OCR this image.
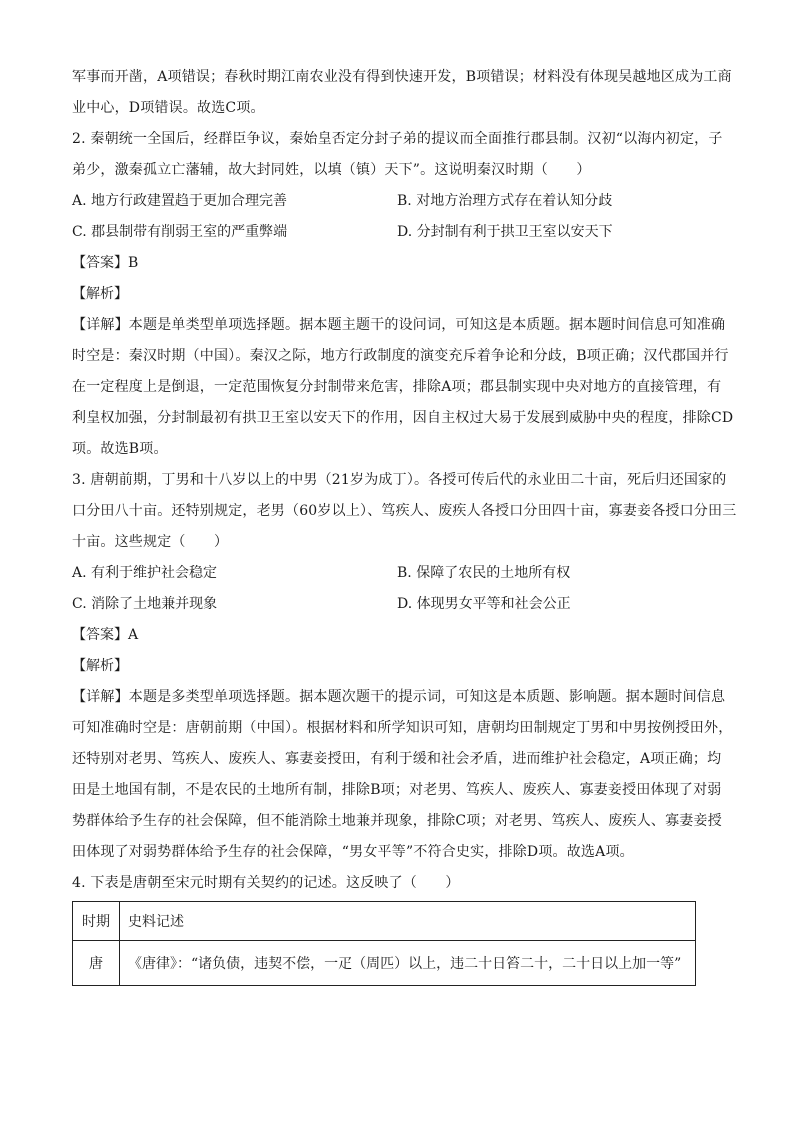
军事而开凿，A项错误；春秋时期江南农业没有得到快速开发，B项错误；材料没有体现吴越地区成为工商
业中心，D项错误。故选C项。
2. 秦朝统一全国后，经群臣争议，秦始皇否定分封子弟的提议而全面推行郡县制。汉初“以海内初定，子
弟少，激秦孤立亡藩辅，故大封同姓，以填（镇）天下”。这说明秦汉时期（　　）
A. 地方行政建置趋于更加合理完善	B. 对地方治理方式存在着认知分歧
C. 郡县制带有削弱王室的严重弊端	D. 分封制有利于拱卫王室以安天下
【答案】B
【解析】
【详解】本题是单类型单项选择题。据本题主题干的设问词，可知这是本质题。据本题时间信息可知准确
时空是：秦汉时期（中国）。秦汉之际，地方行政制度的演变充斥着争论和分歧，B项正确；汉代郡国并行
在一定程度上是倒退，一定范围恢复分封制带来危害，排除A项；郡县制实现中央对地方的直接管理，有
利皇权加强，分封制最初有拱卫王室以安天下的作用，因自主权过大易于发展到威胁中央的程度，排除CD
项。故选B项。
3. 唐朝前期，丁男和十八岁以上的中男（21岁为成丁）。各授可传后代的永业田二十亩，死后归还国家的
口分田八十亩。还特别规定，老男（60岁以上）、笃疾人、废疾人各授口分田四十亩，寡妻妾各授口分田三
十亩。这些规定（　　）
A. 有利于维护社会稳定	B. 保障了农民的土地所有权
C. 消除了土地兼并现象	D. 体现男女平等和社会公正
【答案】A
【解析】
【详解】本题是多类型单项选择题。据本题次题干的提示词，可知这是本质题、影响题。据本题时间信息
可知准确时空是：唐朝前期（中国）。根据材料和所学知识可知，唐朝均田制规定丁男和中男按例授田外，
还特别对老男、笃疾人、废疾人、寡妻妾授田，有利于缓和社会矛盾，进而维护社会稳定，A项正确；均
田是土地国有制，不是农民的土地所有制，排除B项；对老男、笃疾人、废疾人、寡妻妾授田体现了对弱
势群体给予生存的社会保障，但不能消除土地兼并现象，排除C项；对老男、笃疾人、废疾人、寡妻妾授
田体现了对弱势群体给予生存的社会保障，“男女平等”不符合史实，排除D项。故选A项。
4. 下表是唐朝至宋元时期有关契约的记述。这反映了（　　）
时期	史料记述
唐	《唐律》：“诸负债，违契不偿，一疋（周匹）以上，违二十日笞二十，二十日以上加一等”
